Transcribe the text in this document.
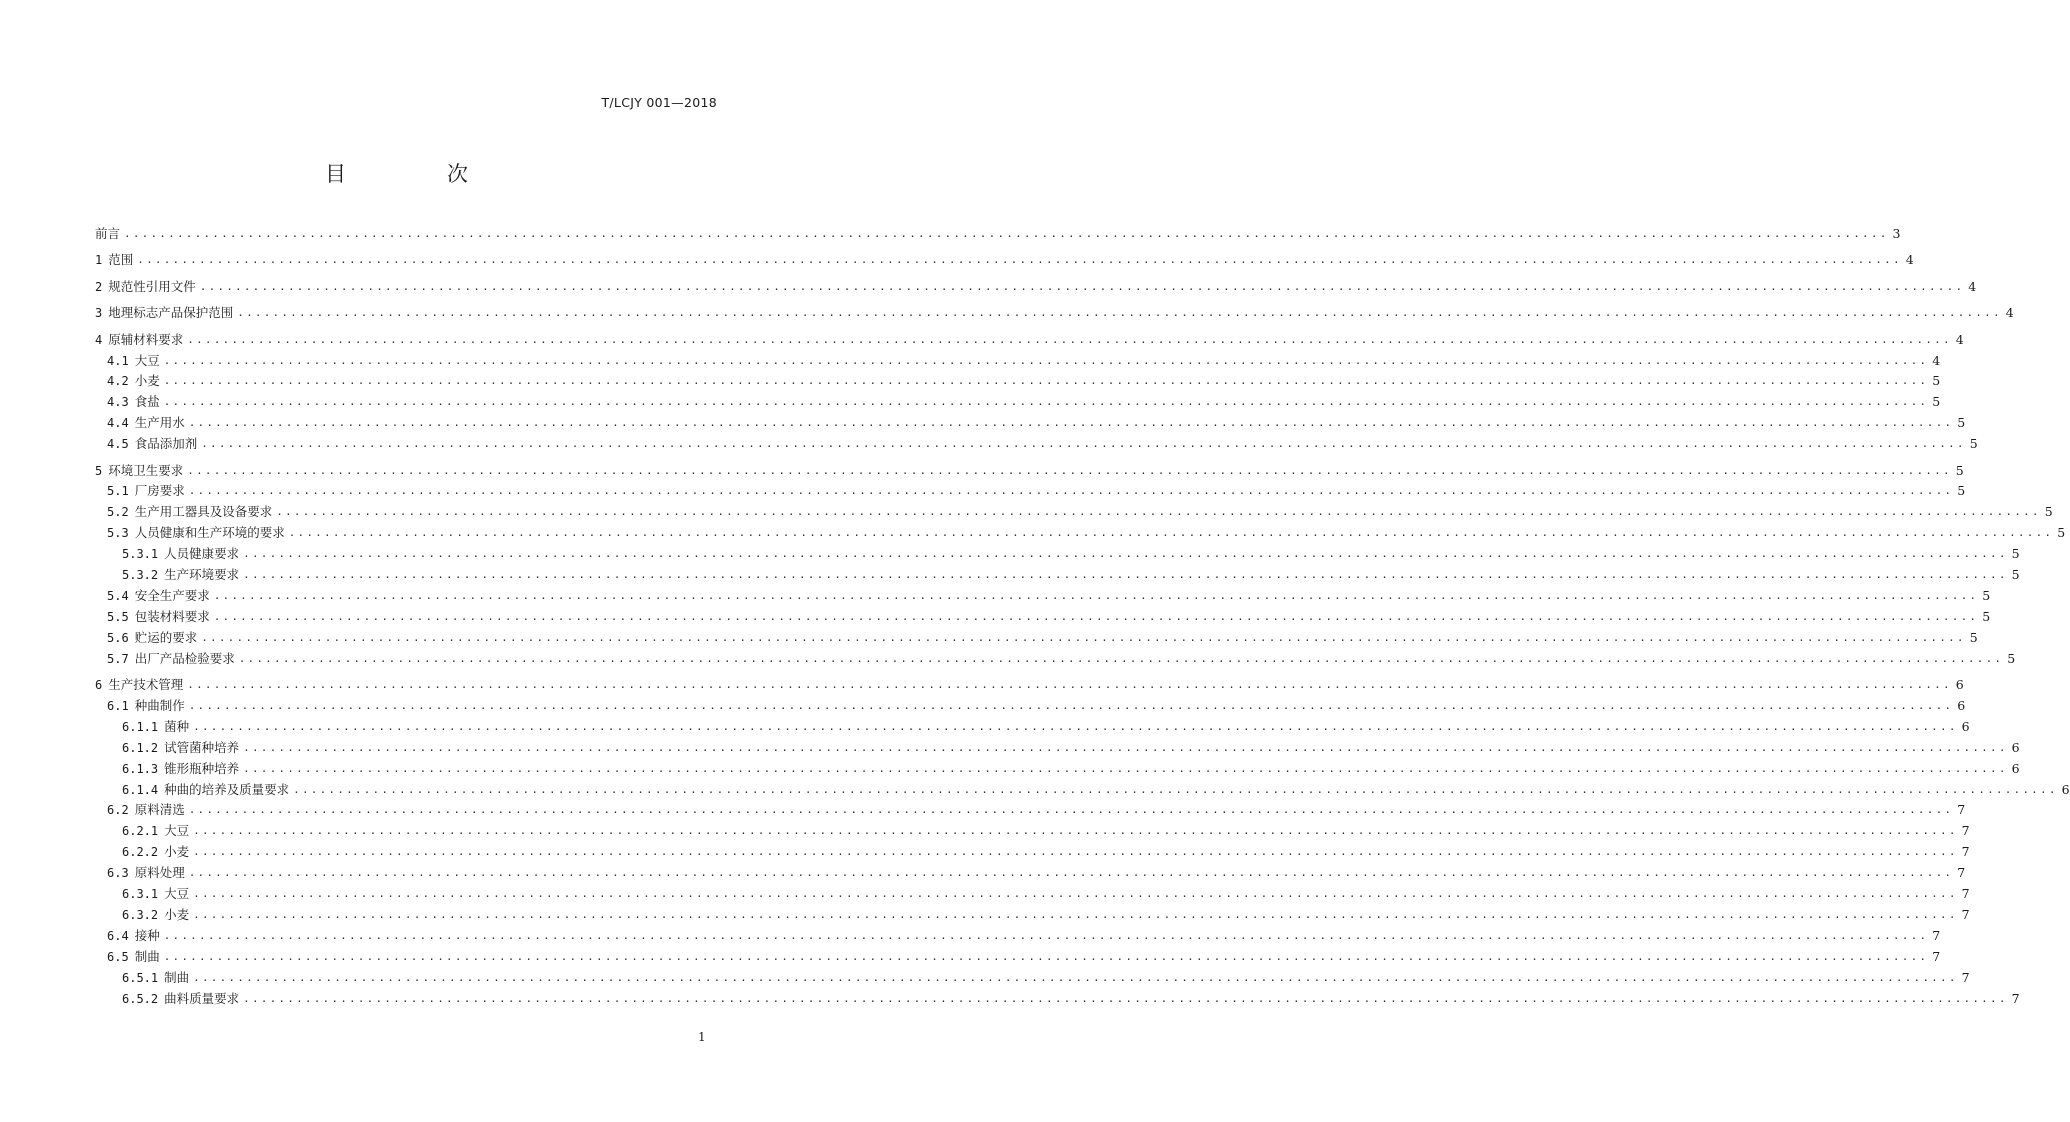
T/LCJY 001—2018
目　次
前言 ........................................................................................................................................................................................................ 3
1 范围 ........................................................................................................................................................................................................ 4
2 规范性引用文件 ........................................................................................................................................................................................................ 4
3 地理标志产品保护范围 ........................................................................................................................................................................................................ 4
4 原辅材料要求 ........................................................................................................................................................................................................ 4
4.1 大豆 ........................................................................................................................................................................................................ 4
4.2 小麦 ........................................................................................................................................................................................................ 5
4.3 食盐 ........................................................................................................................................................................................................ 5
4.4 生产用水 ........................................................................................................................................................................................................ 5
4.5 食品添加剂 ........................................................................................................................................................................................................ 5
5 环境卫生要求 ........................................................................................................................................................................................................ 5
5.1 厂房要求 ........................................................................................................................................................................................................ 5
5.2 生产用工器具及设备要求 ........................................................................................................................................................................................................ 5
5.3 人员健康和生产环境的要求 ........................................................................................................................................................................................................ 5
5.3.1 人员健康要求 ........................................................................................................................................................................................................ 5
5.3.2 生产环境要求 ........................................................................................................................................................................................................ 5
5.4 安全生产要求 ........................................................................................................................................................................................................ 5
5.5 包装材料要求 ........................................................................................................................................................................................................ 5
5.6 贮运的要求 ........................................................................................................................................................................................................ 5
5.7 出厂产品检验要求 ........................................................................................................................................................................................................ 5
6 生产技术管理 ........................................................................................................................................................................................................ 6
6.1 种曲制作 ........................................................................................................................................................................................................ 6
6.1.1 菌种 ........................................................................................................................................................................................................ 6
6.1.2 试管菌种培养 ........................................................................................................................................................................................................ 6
6.1.3 锥形瓶种培养 ........................................................................................................................................................................................................ 6
6.1.4 种曲的培养及质量要求 ........................................................................................................................................................................................................ 6
6.2 原料清选 ........................................................................................................................................................................................................ 7
6.2.1 大豆 ........................................................................................................................................................................................................ 7
6.2.2 小麦 ........................................................................................................................................................................................................ 7
6.3 原料处理 ........................................................................................................................................................................................................ 7
6.3.1 大豆 ........................................................................................................................................................................................................ 7
6.3.2 小麦 ........................................................................................................................................................................................................ 7
6.4 接种 ........................................................................................................................................................................................................ 7
6.5 制曲 ........................................................................................................................................................................................................ 7
6.5.1 制曲 ........................................................................................................................................................................................................ 7
6.5.2 曲料质量要求 ........................................................................................................................................................................................................ 7
1
